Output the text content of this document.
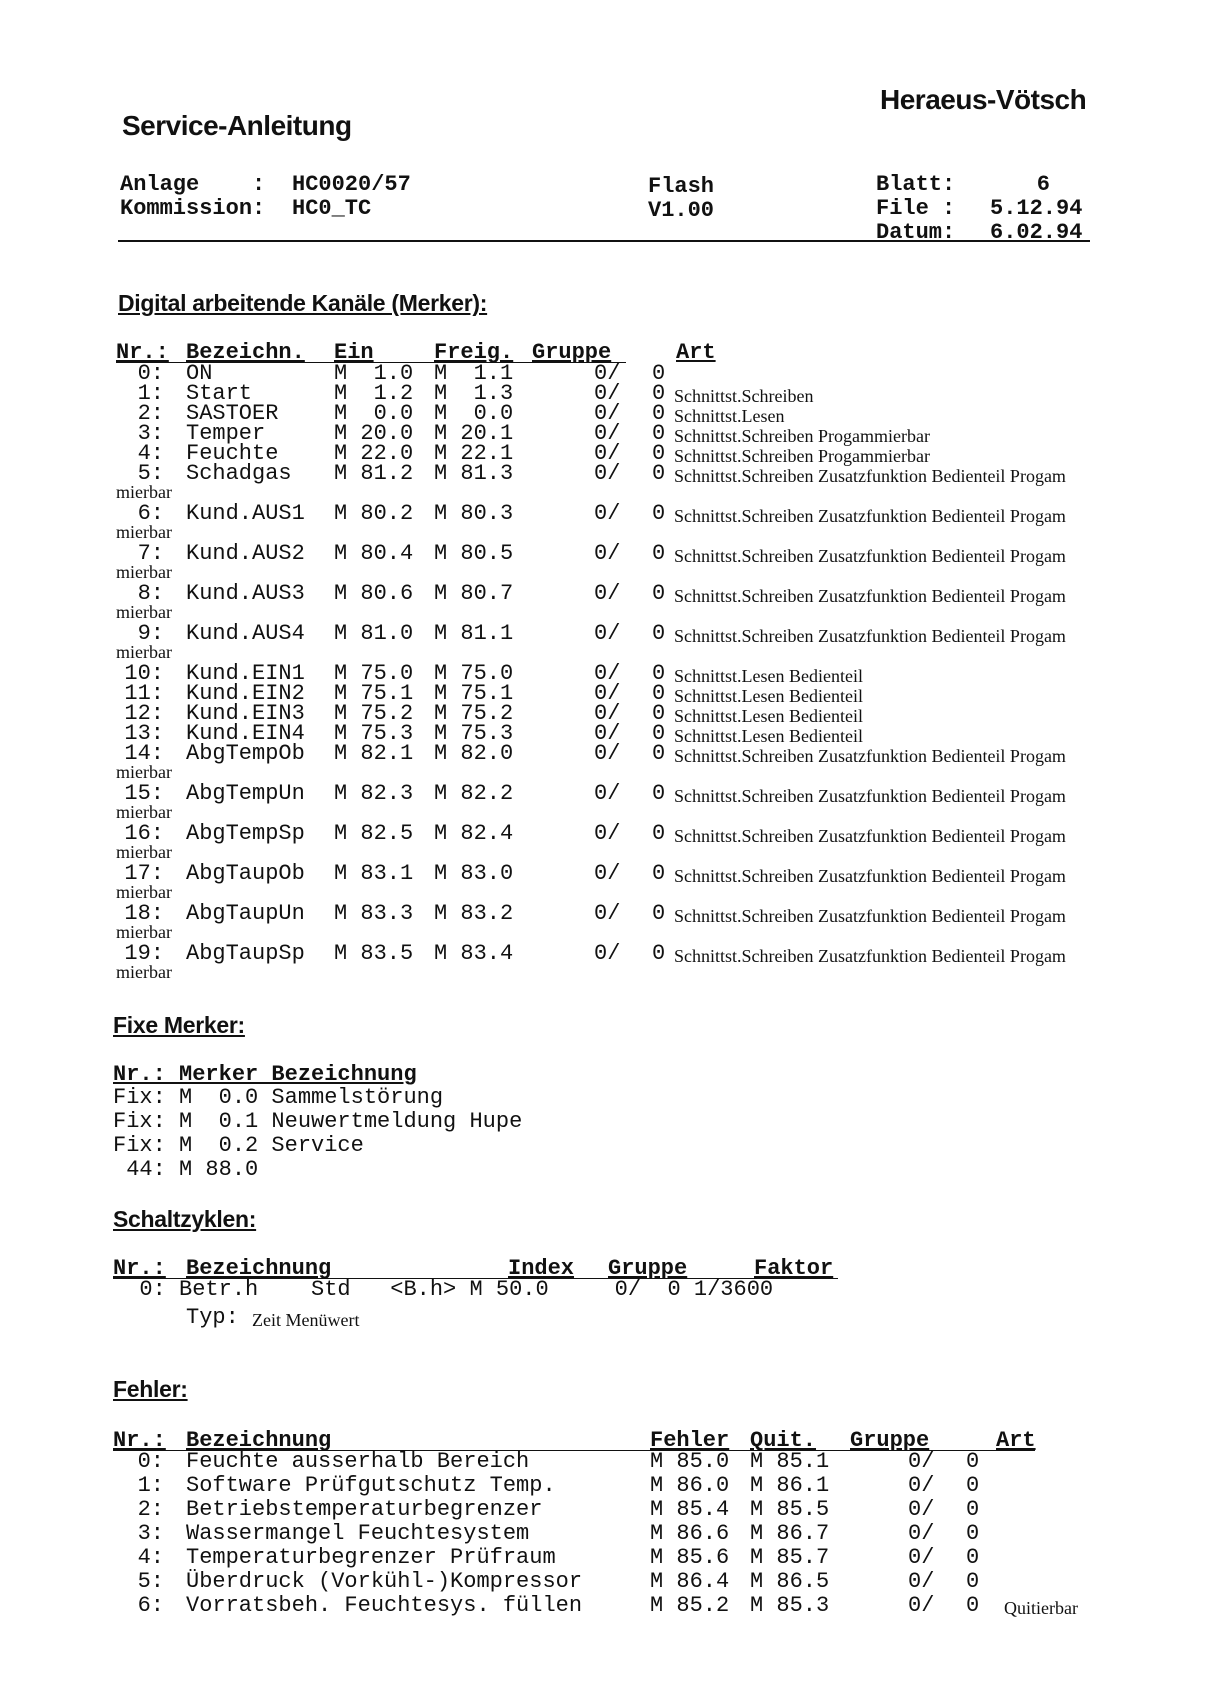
Heraeus-Vötsch
Service-Anleitung
Anlage    : HC0020/57
Kommission: HC0_TC
Flash
V1.00
Blatt:	6
File : 5.12.94
Datum: 6.02.94
Digital arbeitende Kanäle (Merker):
Nr.: Bezeichn. Ein	Freig. Gruppe	Art
0: ON	M  1.0 M  1.1	0/ 0
1: Start	M  1.2 M  1.3	0/ 0 Schnittst.Schreiben
2: SASTOER	M  0.0 M  0.0	0/ 0 Schnittst.Lesen
3: Temper	M 20.0 M 20.1	0/ 0 Schnittst.Schreiben Progammierbar
4: Feuchte	M 22.0 M 22.1	0/ 0 Schnittst.Schreiben Progammierbar
5: Schadgas M 81.2 M 81.3	0/ 0 Schnittst.Schreiben Zusatzfunktion Bedienteil Progam
mierbar
6: Kund.AUS1 M 80.2 M 80.3	0/ 0 Schnittst.Schreiben Zusatzfunktion Bedienteil Progam
mierbar
7: Kund.AUS2 M 80.4 M 80.5	0/ 0 Schnittst.Schreiben Zusatzfunktion Bedienteil Progam
mierbar
8: Kund.AUS3 M 80.6 M 80.7	0/ 0 Schnittst.Schreiben Zusatzfunktion Bedienteil Progam
mierbar
9: Kund.AUS4 M 81.0 M 81.1	0/ 0 Schnittst.Schreiben Zusatzfunktion Bedienteil Progam
mierbar
10: Kund.EIN1 M 75.0 M 75.0	0/ 0 Schnittst.Lesen Bedienteil
11: Kund.EIN2 M 75.1 M 75.1	0/ 0 Schnittst.Lesen Bedienteil
12: Kund.EIN3 M 75.2 M 75.2	0/ 0 Schnittst.Lesen Bedienteil
13: Kund.EIN4 M 75.3 M 75.3	0/ 0 Schnittst.Lesen Bedienteil
14: AbgTempOb M 82.1 M 82.0	0/ 0 Schnittst.Schreiben Zusatzfunktion Bedienteil Progam
mierbar
15: AbgTempUn M 82.3 M 82.2	0/ 0 Schnittst.Schreiben Zusatzfunktion Bedienteil Progam
mierbar
16: AbgTempSp M 82.5 M 82.4	0/ 0 Schnittst.Schreiben Zusatzfunktion Bedienteil Progam
mierbar
17: AbgTaupOb M 83.1 M 83.0	0/ 0 Schnittst.Schreiben Zusatzfunktion Bedienteil Progam
mierbar
18: AbgTaupUn M 83.3 M 83.2	0/ 0 Schnittst.Schreiben Zusatzfunktion Bedienteil Progam
mierbar
19: AbgTaupSp M 83.5 M 83.4	0/ 0 Schnittst.Schreiben Zusatzfunktion Bedienteil Progam
mierbar
Fixe Merker:
Nr.: Merker Bezeichnung
Fix: M  0.0 Sammelstörung
Fix: M  0.1 Neuwertmeldung Hupe
Fix: M  0.2 Service
44: M 88.0
Schaltzyklen:
Nr.: Bezeichnung	Index Gruppe	Faktor
0: Betr.h    Std   <B.h> M 50.0     0/  0 1/3600
Typ: Zeit Menüwert
Fehler:
Nr.: Bezeichnung	Fehler Quit. Gruppe	Art
0: Feuchte ausserhalb Bereich	M 85.0 M 85.1	0/ 0
1: Software Prüfgutschutz Temp.	M 86.0 M 86.1	0/ 0
2: Betriebstemperaturbegrenzer	M 85.4 M 85.5	0/ 0
3: Wassermangel Feuchtesystem	M 86.6 M 86.7	0/ 0
4: Temperaturbegrenzer Prüfraum	M 85.6 M 85.7	0/ 0
5: Überdruck (Vorkühl-)Kompressor	M 86.4 M 86.5	0/ 0
6: Vorratsbeh. Feuchtesys. füllen	M 85.2 M 85.3	0/ 0 Quitierbar
